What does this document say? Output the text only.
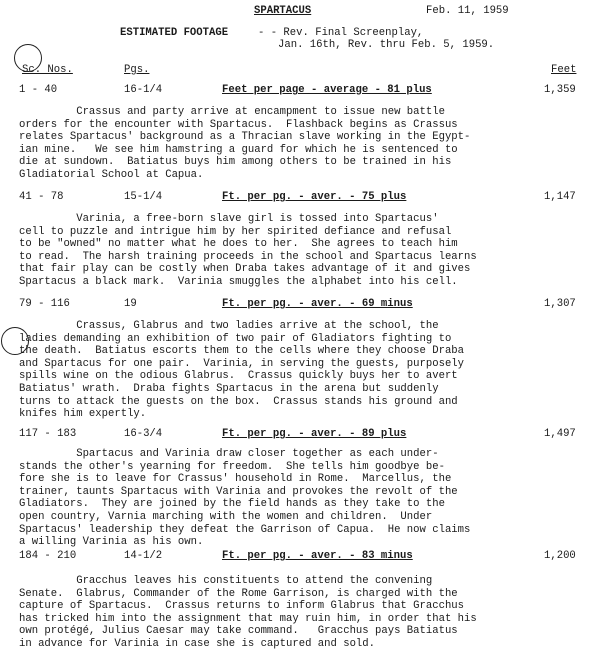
SPARTACUS	Feb. 11, 1959
ESTIMATED FOOTAGE	- - Rev. Final Screenplay,
Jan. 16th, Rev. thru Feb. 5, 1959.
Sc. Nos.	Pgs.	Feet
1 - 40	16-1/4	Feet per page - average - 81 plus	1,359
Crassus and party arrive at encampment to issue new battle
orders for the encounter with Spartacus.  Flashback begins as Crassus
relates Spartacus' background as a Thracian slave working in the Egypt-
ian mine.   We see him hamstring a guard for which he is sentenced to
die at sundown.  Batiatus buys him among others to be trained in his
Gladiatorial School at Capua.
41 - 78	15-1/4	Ft. per pg. - aver. - 75 plus	1,147
Varinia, a free-born slave girl is tossed into Spartacus'
cell to puzzle and intrigue him by her spirited defiance and refusal
to be "owned" no matter what he does to her.  She agrees to teach him
to read.  The harsh training proceeds in the school and Spartacus learns
that fair play can be costly when Draba takes advantage of it and gives
Spartacus a black mark.  Varinia smuggles the alphabet into his cell.
79 - 116	19	Ft. per pg. - aver. - 69 minus	1,307
Crassus, Glabrus and two ladies arrive at the school, the
ladies demanding an exhibition of two pair of Gladiators fighting to
the death.  Batiatus escorts them to the cells where they choose Draba
and Spartacus for one pair.  Varinia, in serving the guests, purposely
spills wine on the odious Glabrus.  Crassus quickly buys her to avert
Batiatus' wrath.  Draba fights Spartacus in the arena but suddenly
turns to attack the guests on the box.  Crassus stands his ground and
knifes him expertly.
117 - 183	16-3/4	Ft. per pg. - aver. - 89 plus	1,497
Spartacus and Varinia draw closer together as each under-
stands the other's yearning for freedom.  She tells him goodbye be-
fore she is to leave for Crassus' household in Rome.  Marcellus, the
trainer, taunts Spartacus with Varinia and provokes the revolt of the
Gladiators.  They are joined by the field hands as they take to the
open country, Varnia marching with the women and children.  Under
Spartacus' leadership they defeat the Garrison of Capua.  He now claims
a willing Varinia as his own.
184 - 210	14-1/2	Ft. per pg. - aver. - 83 minus	1,200
Gracchus leaves his constituents to attend the convening
Senate.  Glabrus, Commander of the Rome Garrison, is charged with the
capture of Spartacus.  Crassus returns to inform Glabrus that Gracchus
has tricked him into the assignment that may ruin him, in order that his
own protégé, Julius Caesar may take command.   Gracchus pays Batiatus
in advance for Varinia in case she is captured and sold.
